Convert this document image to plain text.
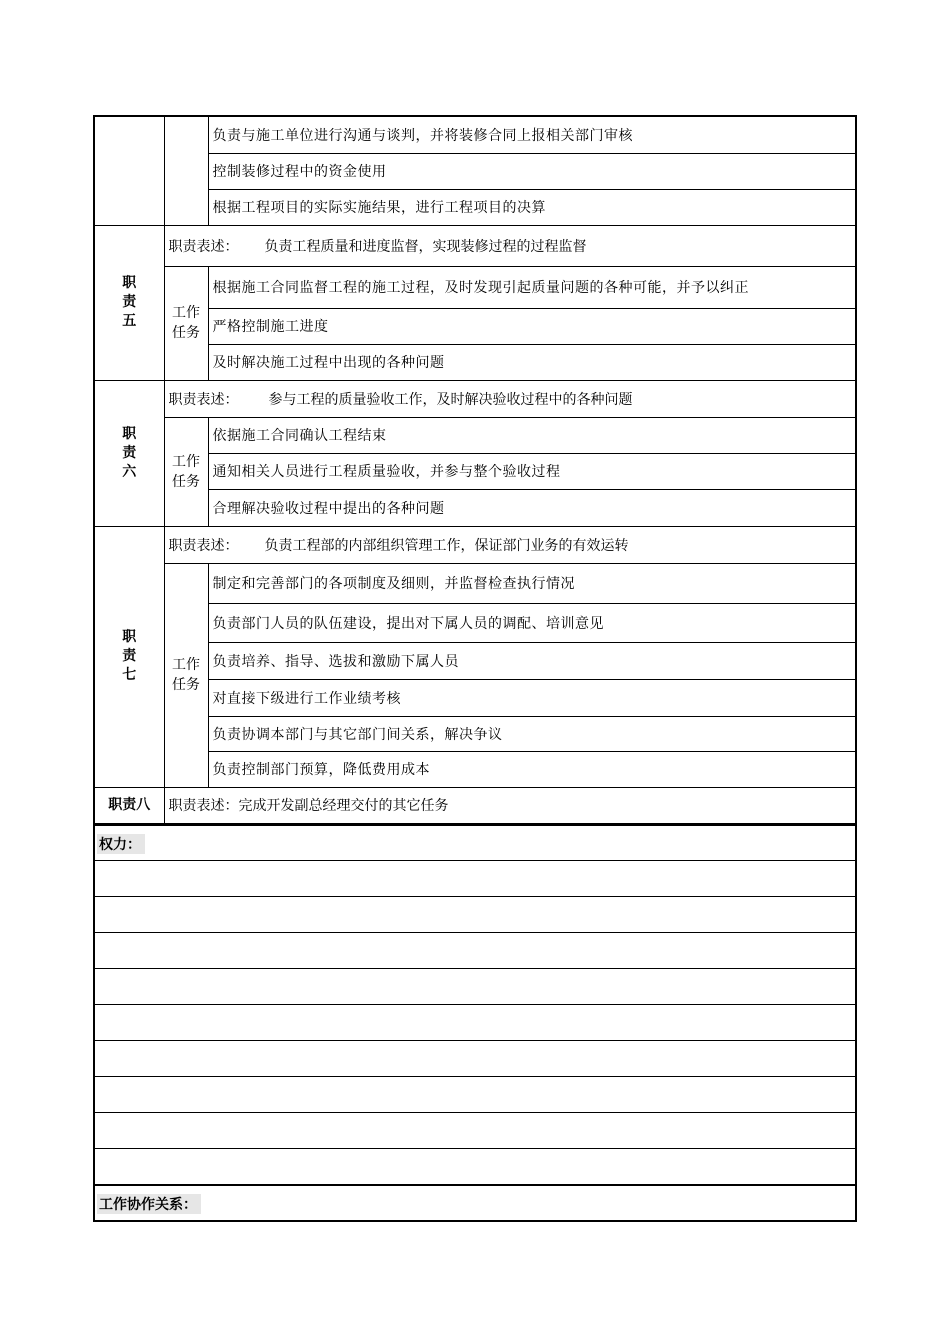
		负责与施工单位进行沟通与谈判，并将装修合同上报相关部门审核
		控制装修过程中的资金使用
		根据工程项目的实际实施结果，进行工程项目的决算
职责五	职责表述： 负责工程质量和进度监督，实现装修过程的过程监督	
	工作任务	根据施工合同监督工程的施工过程，及时发现引起质量问题的各种可能，并予以纠正
		严格控制施工进度
		及时解决施工过程中出现的各种问题
职责六	职责表述： 参与工程的质量验收工作，及时解决验收过程中的各种问题	
	工作任务	依据施工合同确认工程结束
		通知相关人员进行工程质量验收，并参与整个验收过程
		合理解决验收过程中提出的各种问题
职责七	职责表述： 负责工程部的内部组织管理工作，保证部门业务的有效运转	
	工作任务	制定和完善部门的各项制度及细则，并监督检查执行情况
		负责部门人员的队伍建设，提出对下属人员的调配、培训意见
		负责培养、指导、选拔和激励下属人员
		对直接下级进行工作业绩考核
		负责协调本部门与其它部门间关系，解决争议
		负责控制部门预算，降低费用成本
职责八	职责表述：完成开发副总经理交付的其它任务	
权力：
工作协作关系：
